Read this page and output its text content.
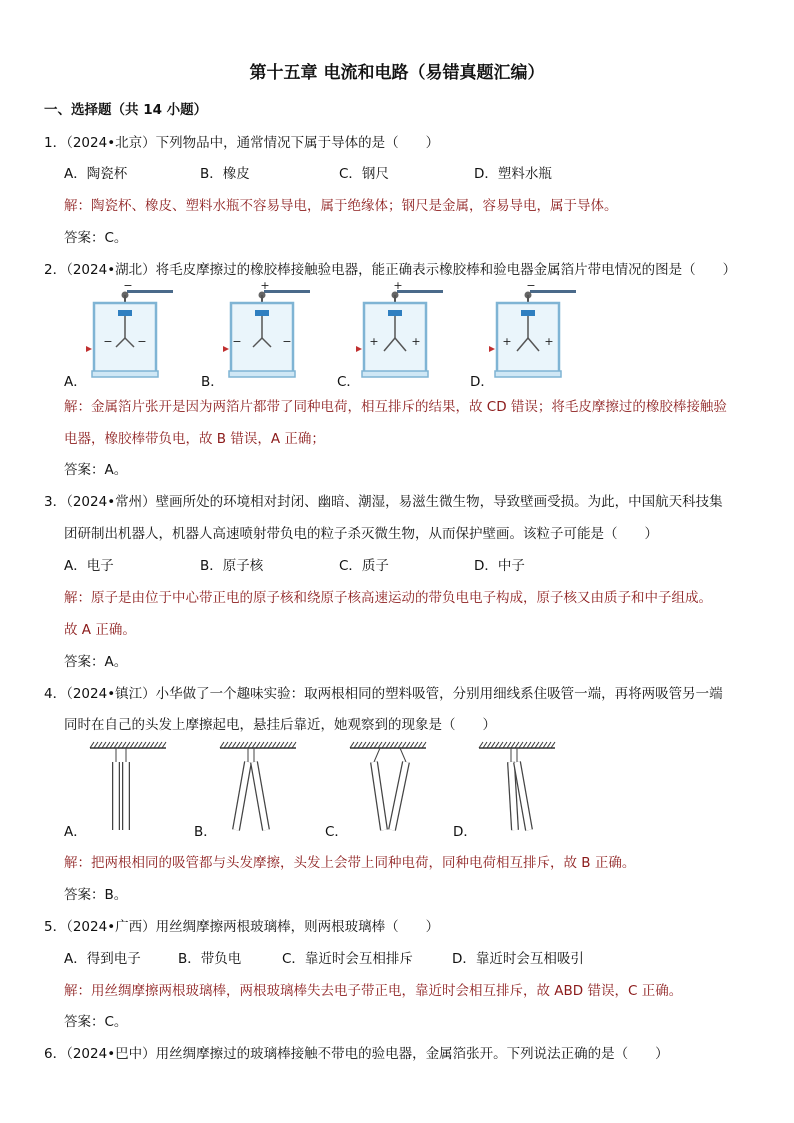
第十五章 电流和电路（易错真题汇编）
一、选择题（共 14 小题）
1．（2024•北京）下列物品中，通常情况下属于导体的是（　　）
A．陶瓷杯	B．橡皮	C．钢尺	D．塑料水瓶
解：陶瓷杯、橡皮、塑料水瓶不容易导电，属于绝缘体；钢尺是金属，容易导电，属于导体。
答案：C。
2．（2024•湖北）将毛皮摩擦过的橡胶棒接触验电器，能正确表示橡胶棒和验电器金属箔片带电情况的图是（　　）
−
− −
+
−	−
+
+	+
−
+	+
A．	B．	C．	D．
解：金属箔片张开是因为两箔片都带了同种电荷，相互排斥的结果，故 CD 错误；将毛皮摩擦过的橡胶棒接触验
电器，橡胶棒带负电，故 B 错误，A 正确；
答案：A。
3．（2024•常州）壁画所处的环境相对封闭、幽暗、潮湿，易滋生微生物，导致壁画受损。为此，中国航天科技集
团研制出机器人，机器人高速喷射带负电的粒子杀灭微生物，从而保护壁画。该粒子可能是（　　）
A．电子	B．原子核	C．质子	D．中子
解：原子是由位于中心带正电的原子核和绕原子核高速运动的带负电电子构成，原子核又由质子和中子组成。
故 A 正确。
答案：A。
4．（2024•镇江）小华做了一个趣味实验：取两根相同的塑料吸管，分别用细线系住吸管一端，再将两吸管另一端
同时在自己的头发上摩擦起电，悬挂后靠近，她观察到的现象是（　　）
A．	B．	C．	D．
解：把两根相同的吸管都与头发摩擦，头发上会带上同种电荷，同种电荷相互排斥，故 B 正确。
答案：B。
5．（2024•广西）用丝绸摩擦两根玻璃棒，则两根玻璃棒（　　）
A．得到电子	B．带负电	C．靠近时会互相排斥	D．靠近时会互相吸引
解：用丝绸摩擦两根玻璃棒，两根玻璃棒失去电子带正电，靠近时会相互排斥，故 ABD 错误，C 正确。
答案：C。
6．（2024•巴中）用丝绸摩擦过的玻璃棒接触不带电的验电器，金属箔张开。下列说法正确的是（　　）
